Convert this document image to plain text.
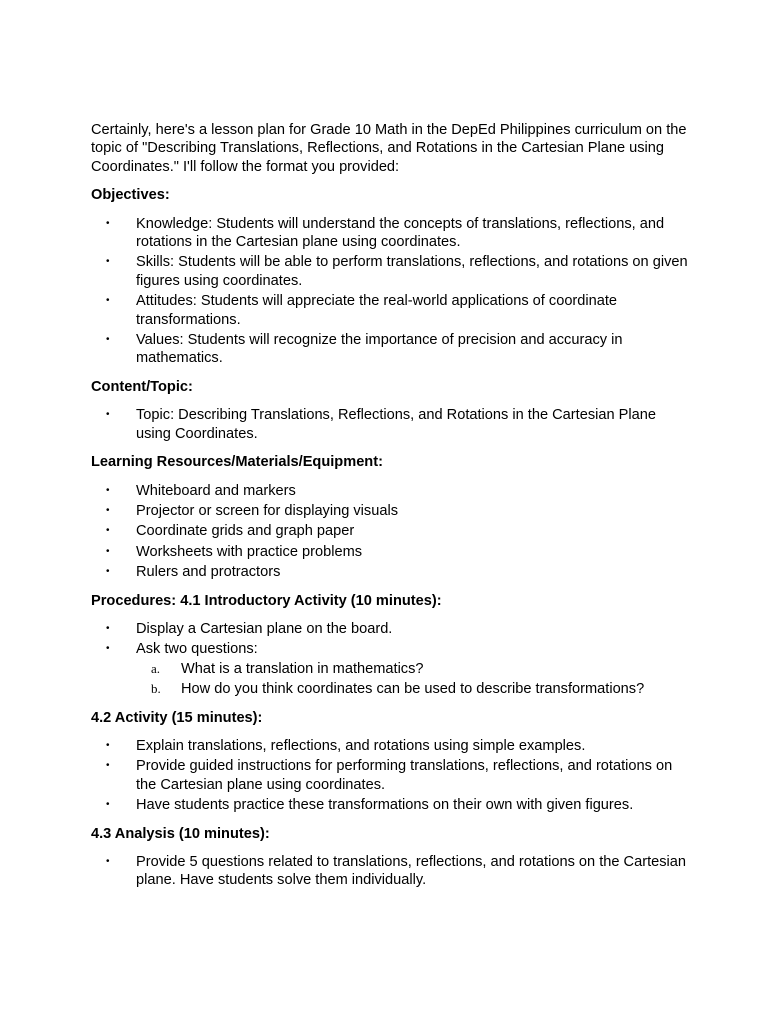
Certainly, here's a lesson plan for Grade 10 Math in the DepEd Philippines curriculum on the topic of "Describing Translations, Reflections, and Rotations in the Cartesian Plane using Coordinates." I'll follow the format you provided:

Objectives:

• Knowledge: Students will understand the concepts of translations, reflections, and rotations in the Cartesian plane using coordinates.
• Skills: Students will be able to perform translations, reflections, and rotations on given figures using coordinates.
• Attitudes: Students will appreciate the real-world applications of coordinate transformations.
• Values: Students will recognize the importance of precision and accuracy in mathematics.

Content/Topic:

• Topic: Describing Translations, Reflections, and Rotations in the Cartesian Plane using Coordinates.

Learning Resources/Materials/Equipment:

• Whiteboard and markers
• Projector or screen for displaying visuals
• Coordinate grids and graph paper
• Worksheets with practice problems
• Rulers and protractors

Procedures: 4.1 Introductory Activity (10 minutes):

• Display a Cartesian plane on the board.
• Ask two questions:
a. What is a translation in mathematics?
b. How do you think coordinates can be used to describe transformations?

4.2 Activity (15 minutes):

• Explain translations, reflections, and rotations using simple examples.
• Provide guided instructions for performing translations, reflections, and rotations on the Cartesian plane using coordinates.
• Have students practice these transformations on their own with given figures.

4.3 Analysis (10 minutes):

• Provide 5 questions related to translations, reflections, and rotations on the Cartesian plane. Have students solve them individually.
